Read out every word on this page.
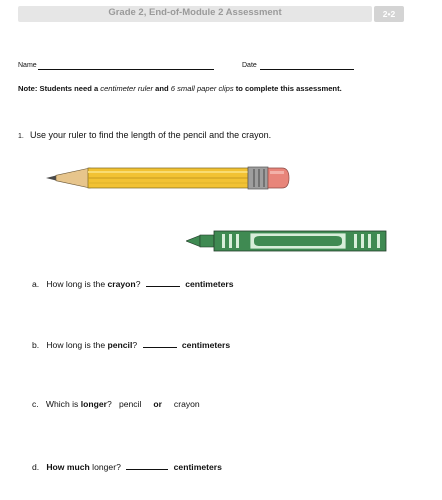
Grade 2, End-of-Module 2 Assessment	2•2
Name	Date
Note: Students need a centimeter ruler and 6 small paper clips to complete this assessment.
1. Use your ruler to find the length of the pencil and the crayon.
a. How long is the crayon?	centimeters
b. How long is the pencil?	centimeters
c. Which is longer? pencil or crayon
d. How much longer?	centimeters
